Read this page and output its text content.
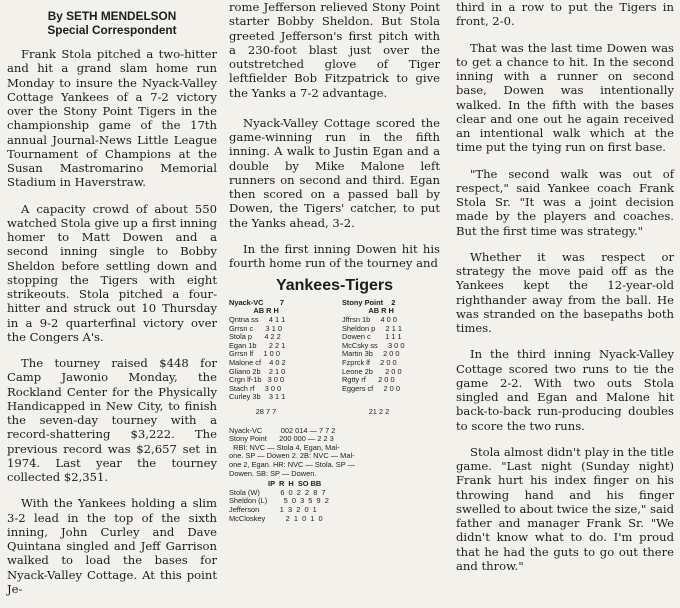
By SETH MENDELSON
Special Correspondent

Frank Stola pitched a two-hitter and hit a grand slam home run Monday to insure the Nyack-Valley Cottage Yankees of a 7-2 victory over the Stony Point Tigers in the championship game of the 17th annual Journal-News Little League Tournament of Champions at the Susan Mastromarino Memorial Stadium in Haverstraw.

A capacity crowd of about 550 watched Stola give up a first inning homer to Matt Dowen and a second inning single to Bobby Sheldon before settling down and stopping the Tigers with eight strikeouts. Stola pitched a four-hitter and struck out 10 Thursday in a 9-2 quarterfinal victory over the Congers A's.

The tourney raised $448 for Camp Jawonio Monday, the Rockland Center for the Physically Handicapped in New City, to finish the seven-day tourney with a record-shattering $3,222. The previous record was $2,657 set in 1974. Last year the tourney collected $2,351.

With the Yankees holding a slim 3-2 lead in the top of the sixth inning, John Curley and Dave Quintana singled and Jeff Garrison walked to load the bases for Nyack-Valley Cottage. At this point Je-

rome Jefferson relieved Stony Point starter Bobby Sheldon. But Stola greeted Jefferson's first pitch with a 230-foot blast just over the outstretched glove of Tiger leftfielder Bob Fitzpatrick to give the Yanks a 7-2 advantage.

Nyack-Valley Cottage scored the game-winning run in the fifth inning. A walk to Justin Egan and a double by Mike Malone left runners on second and third. Egan then scored on a passed ball by Dowen, the Tigers' catcher, to put the Yanks ahead, 3-2.

In the first inning Dowen hit his fourth home run of the tourney and

Yankees-Tigers
Nyack-VC        7
AB R H
Qntna ss     4 1 1
Grrsn c      3 1 0
Stola p      4 2 2
Egan 1b      2 2 1
Grrsn lf     1 0 0
Malone cf    4 0 2
Gliano 2b    2 1 0
Crgn lf-1b   3 0 0
Stach rf     3 0 0
Curley 3b    3 1 1
28 7 7
Stony Point    2
AB R H
Jffrsn 1b     4 0 0
Sheldon p     2 1 1
Dowen c       1 1 1
McCsky ss     3 0 0
Martin 3b     2 0 0
Fzprck lf     2 0 0
Leone 2b      2 0 0
Rgtty rf      2 0 0
Eggers cf     2 0 0
21 2 2
Nyack-VC         002 014 — 7 7 2
Stony Point      200 000 — 2 2 3
RBI: NVC — Stola 4, Egan, Mal-
one. SP — Dowen 2. 2B: NVC — Mal-
one 2, Egan. HR: NVC — Stola. SP —
Dowen. SB: SP — Dowen.
IP  R  H  SO BB
Stola (W)          6  0  2  2  8  7
Sheldon (L)        5  0  3  5  9  2
Jefferson          1  3  2  0  1
McCloskey          2  1  0  1  0

third in a row to put the Tigers in front, 2-0.

That was the last time Dowen was to get a chance to hit. In the second inning with a runner on second base, Dowen was intentionally walked. In the fifth with the bases clear and one out he again received an intentional walk which at the time put the tying run on first base.

"The second walk was out of respect," said Yankee coach Frank Stola Sr. "It was a joint decision made by the players and coaches. But the first time was strategy."

Whether it was respect or strategy the move paid off as the Yankees kept the 12-year-old righthander away from the ball. He was stranded on the basepaths both times.

In the third inning Nyack-Valley Cottage scored two runs to tie the game 2-2. With two outs Stola singled and Egan and Malone hit back-to-back run-producing doubles to score the two runs.

Stola almost didn't play in the title game. "Last night (Sunday night) Frank hurt his index finger on his throwing hand and his finger swelled to about twice the size," said father and manager Frank Sr. "We didn't know what to do. I'm proud that he had the guts to go out there and throw."
